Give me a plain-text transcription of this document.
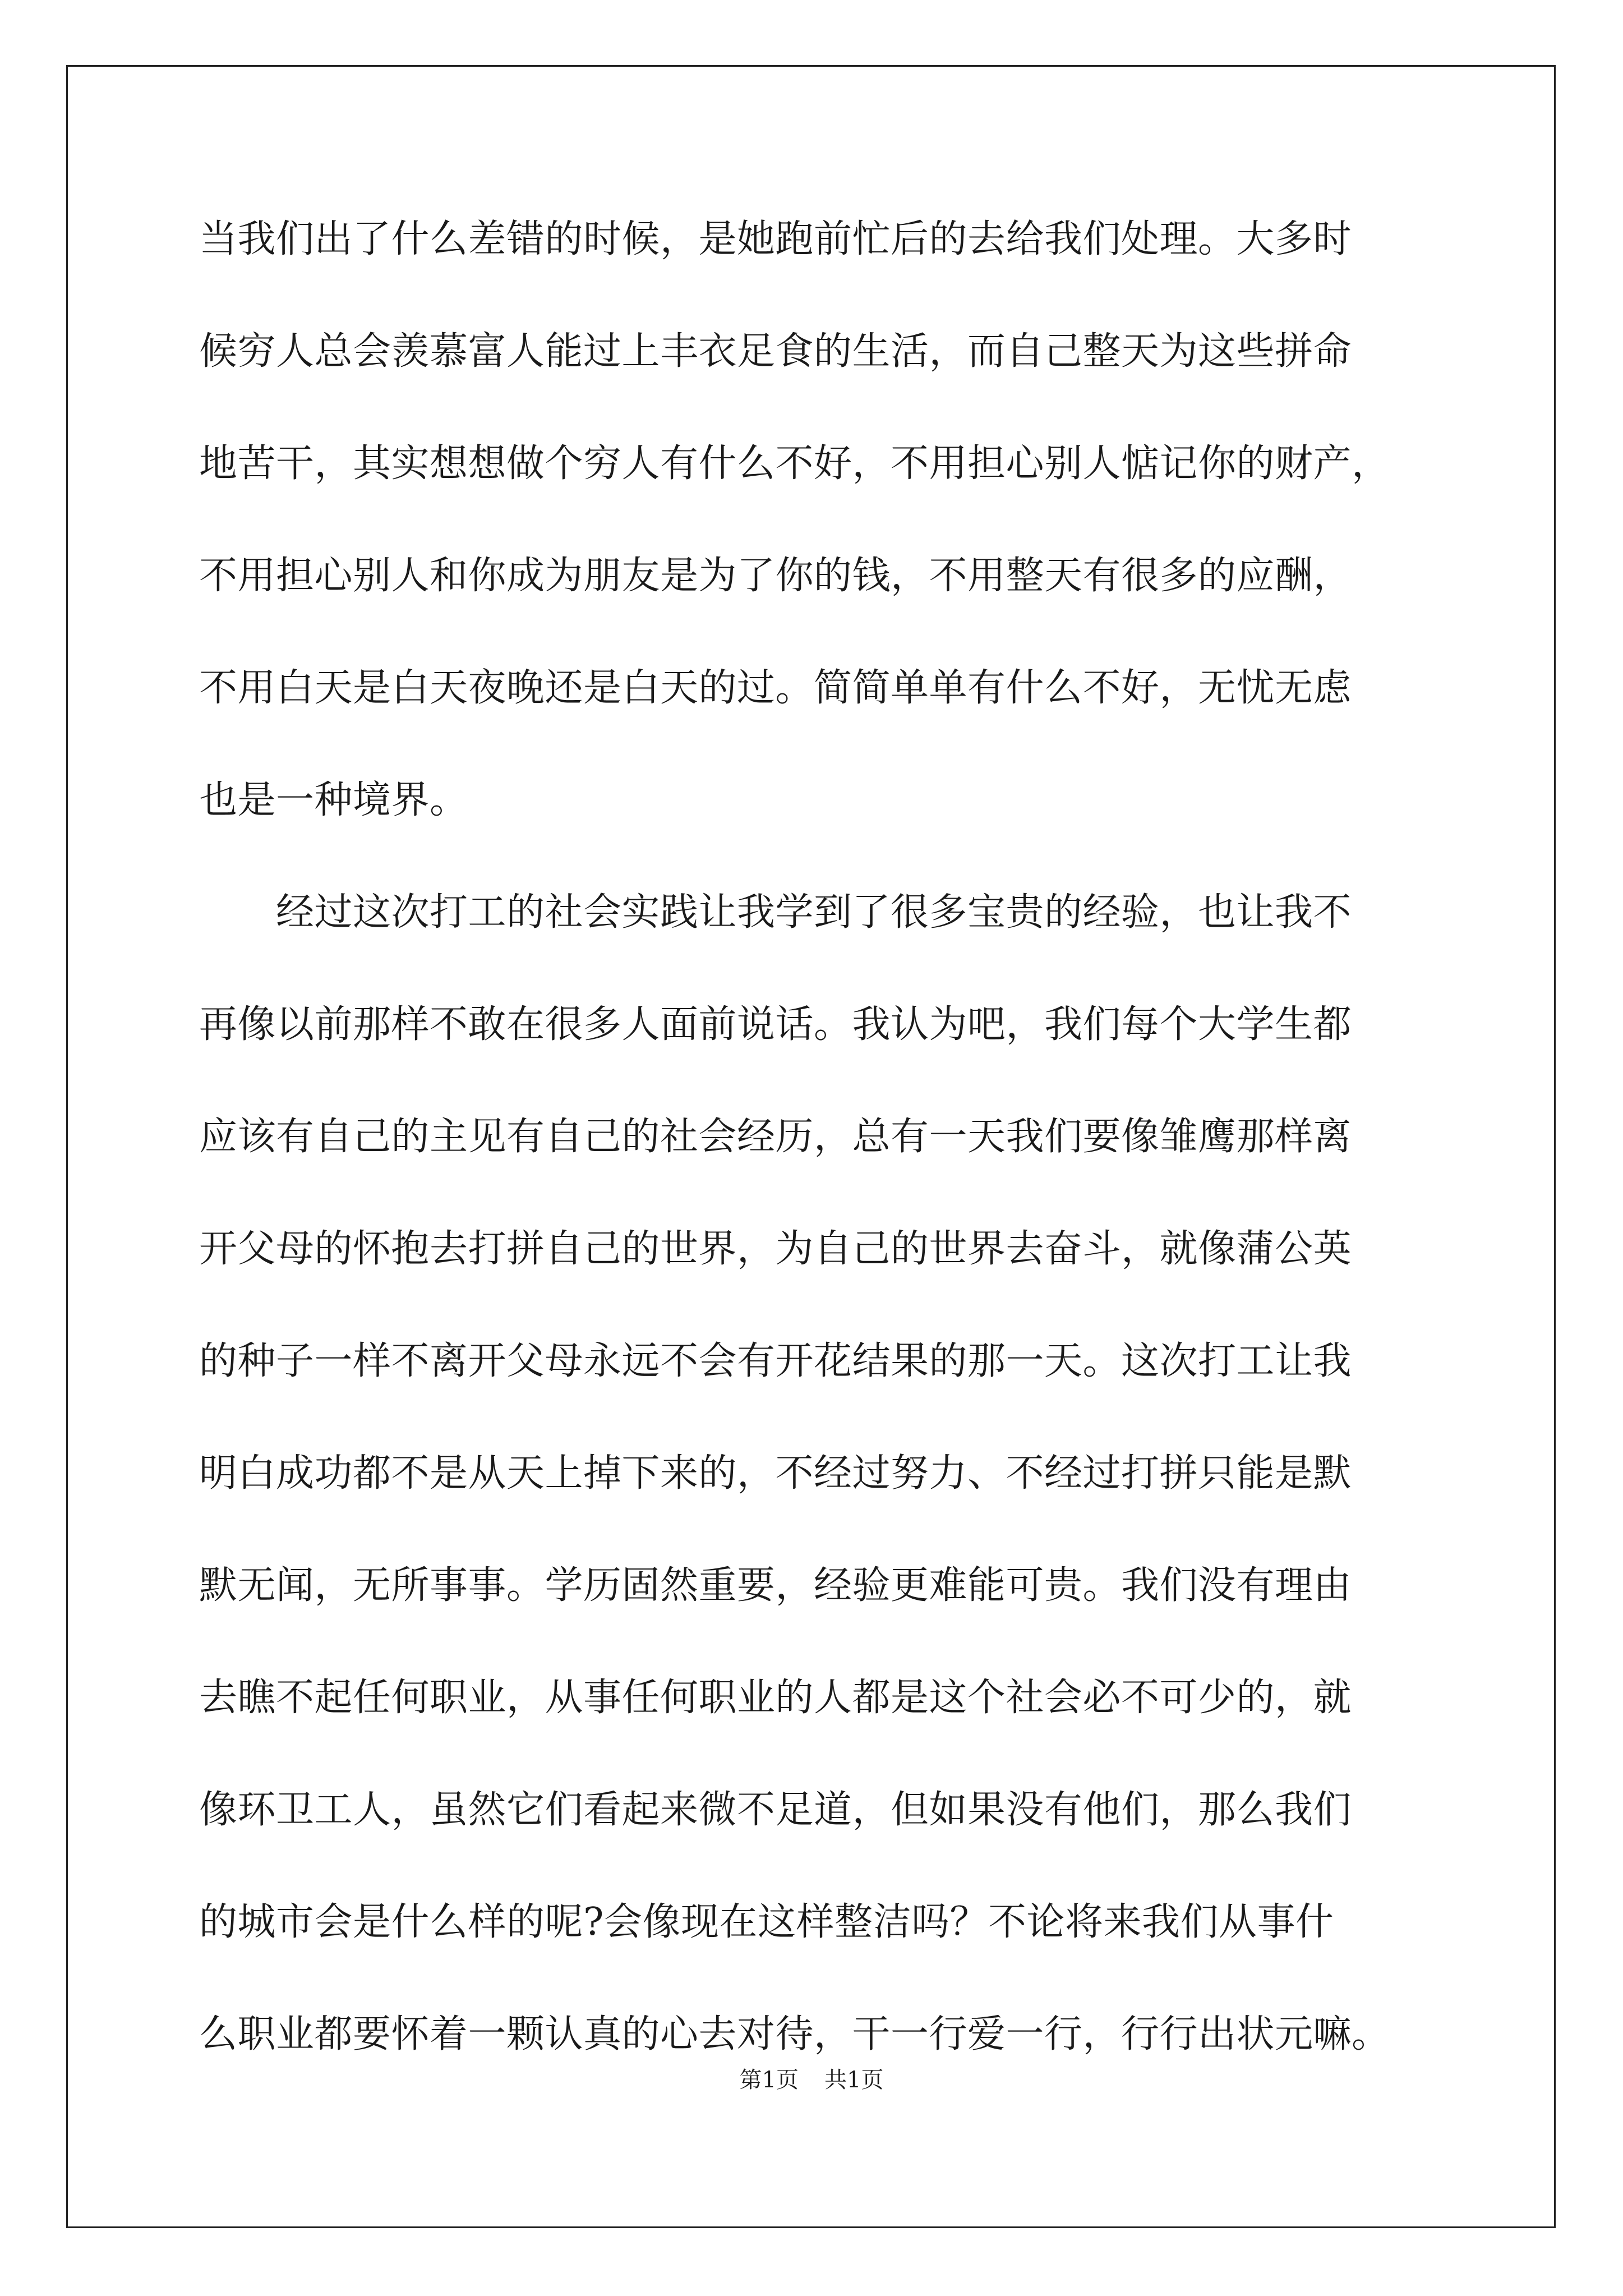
当我们出了什么差错的时候，是她跑前忙后的去给我们处理。大多时
候穷人总会羡慕富人能过上丰衣足食的生活，而自己整天为这些拼命
地苦干，其实想想做个穷人有什么不好，不用担心别人惦记你的财产，
不用担心别人和你成为朋友是为了你的钱，不用整天有很多的应酬，
不用白天是白天夜晚还是白天的过。简简单单有什么不好，无忧无虑
也是一种境界。
　　经过这次打工的社会实践让我学到了很多宝贵的经验，也让我不
再像以前那样不敢在很多人面前说话。我认为吧，我们每个大学生都
应该有自己的主见有自己的社会经历，总有一天我们要像雏鹰那样离
开父母的怀抱去打拼自己的世界，为自己的世界去奋斗，就像蒲公英
的种子一样不离开父母永远不会有开花结果的那一天。这次打工让我
明白成功都不是从天上掉下来的，不经过努力、不经过打拼只能是默
默无闻，无所事事。学历固然重要，经验更难能可贵。我们没有理由
去瞧不起任何职业，从事任何职业的人都是这个社会必不可少的，就
像环卫工人，虽然它们看起来微不足道，但如果没有他们，那么我们
的城市会是什么样的呢?会像现在这样整洁吗？不论将来我们从事什
么职业都要怀着一颗认真的心去对待，干一行爱一行，行行出状元嘛。
第1页 共1页
